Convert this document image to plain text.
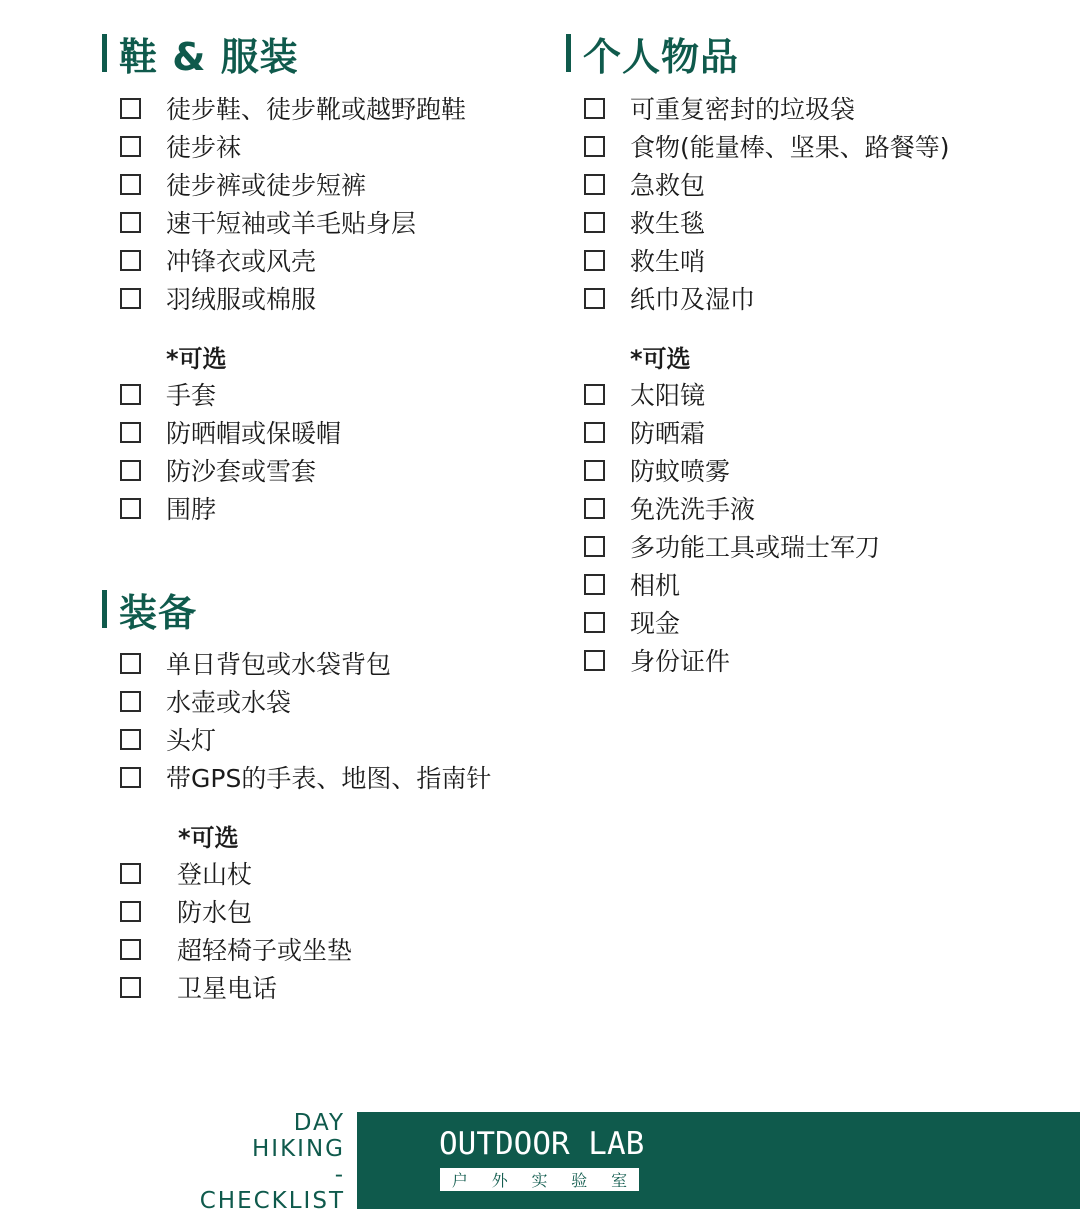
鞋 & 服装
徒步鞋、徒步靴或越野跑鞋
徒步袜
徒步裤或徒步短裤
速干短袖或羊毛贴身层
冲锋衣或风壳
羽绒服或棉服
*可选
手套
防晒帽或保暖帽
防沙套或雪套
围脖
装备
单日背包或水袋背包
水壶或水袋
头灯
带GPS的手表、地图、指南针
*可选
登山杖
防水包
超轻椅子或坐垫
卫星电话
个人物品
可重复密封的垃圾袋
食物(能量棒、坚果、路餐等)
急救包
救生毯
救生哨
纸巾及湿巾
*可选
太阳镜
防晒霜
防蚊喷雾
免洗洗手液
多功能工具或瑞士军刀
相机
现金
身份证件
DAY
HIKING
-
CHECKLIST
OUTDOOR LAB
户 外 实 验 室
